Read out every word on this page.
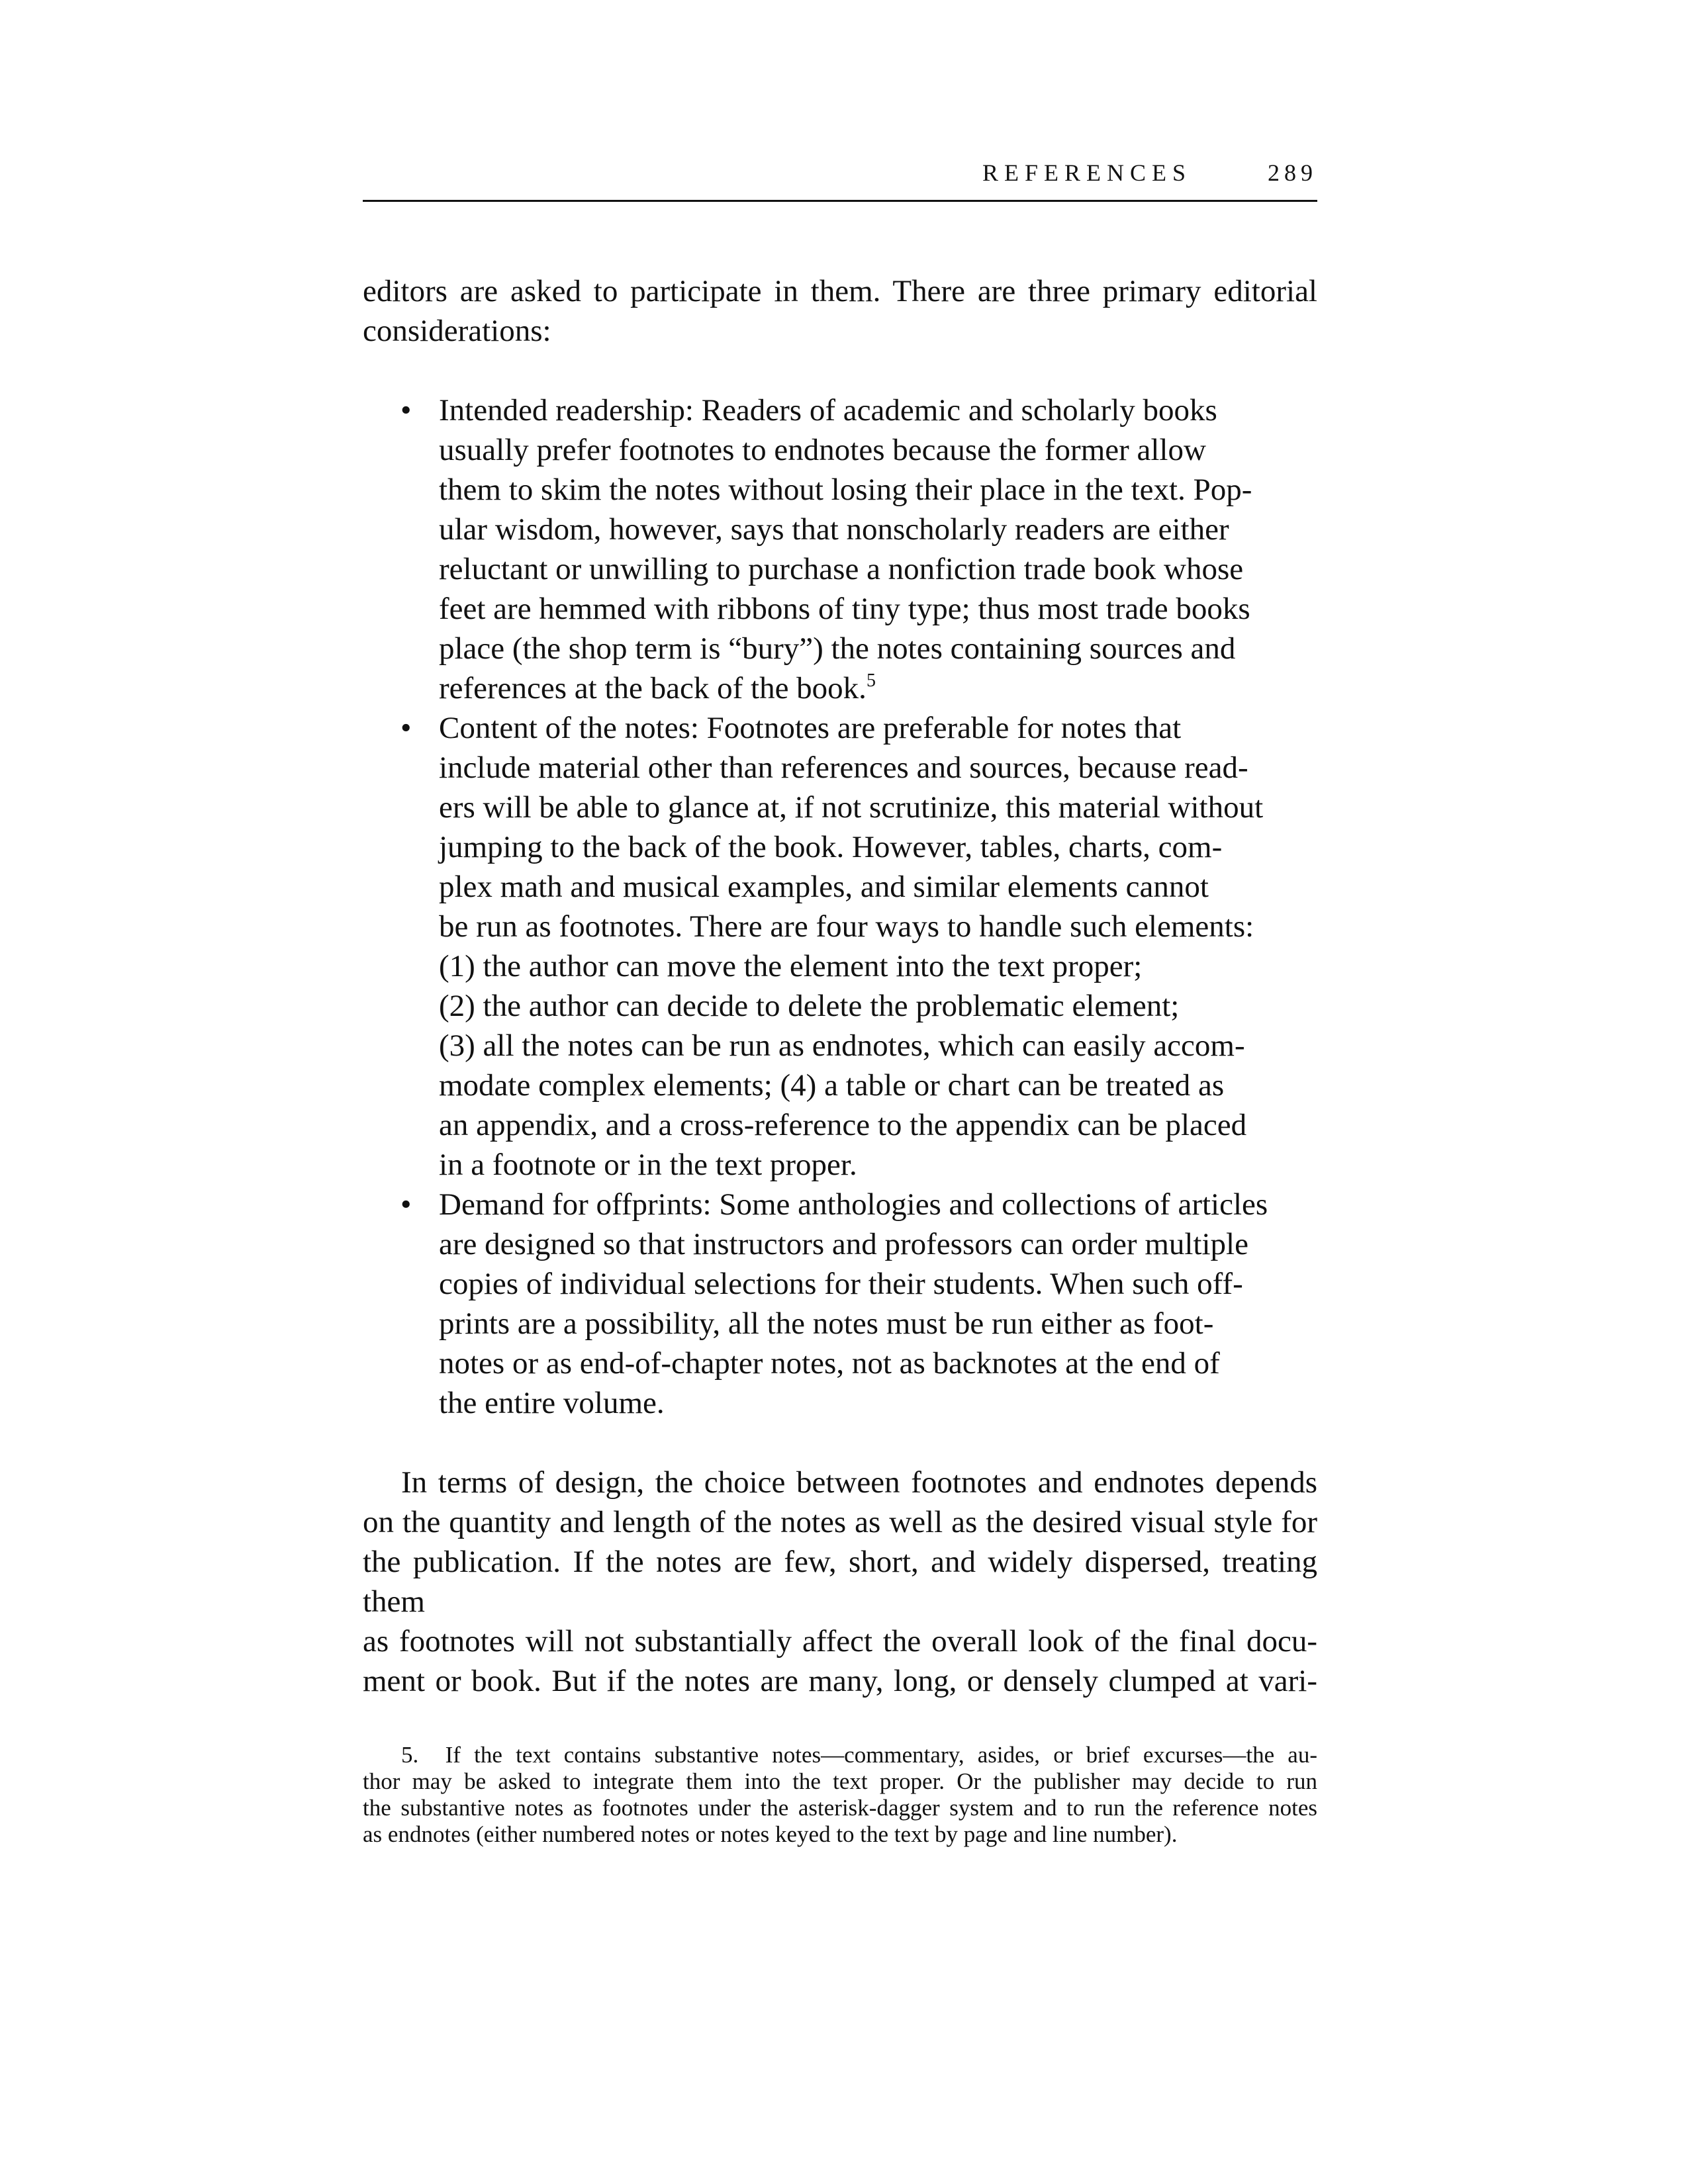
REFERENCES	289

editors are asked to participate in them. There are three primary editorial
considerations:

• Intended readership: Readers of academic and scholarly books
usually prefer footnotes to endnotes because the former allow
them to skim the notes without losing their place in the text. Pop-
ular wisdom, however, says that nonscholarly readers are either
reluctant or unwilling to purchase a nonfiction trade book whose
feet are hemmed with ribbons of tiny type; thus most trade books
place (the shop term is “bury”) the notes containing sources and
references at the back of the book.$^5$
• Content of the notes: Footnotes are preferable for notes that
include material other than references and sources, because read-
ers will be able to glance at, if not scrutinize, this material without
jumping to the back of the book. However, tables, charts, com-
plex math and musical examples, and similar elements cannot
be run as footnotes. There are four ways to handle such elements:
(1) the author can move the element into the text proper;
(2) the author can decide to delete the problematic element;
(3) all the notes can be run as endnotes, which can easily accom-
modate complex elements; (4) a table or chart can be treated as
an appendix, and a cross-reference to the appendix can be placed
in a footnote or in the text proper.
• Demand for offprints: Some anthologies and collections of articles
are designed so that instructors and professors can order multiple
copies of individual selections for their students. When such off-
prints are a possibility, all the notes must be run either as foot-
notes or as end-of-chapter notes, not as backnotes at the end of
the entire volume.

In terms of design, the choice between footnotes and endnotes depends

on the quantity and length of the notes as well as the desired visual style for
the publication. If the notes are few, short, and widely dispersed, treating them
as footnotes will not substantially affect the overall look of the final docu-
ment or book. But if the notes are many, long, or densely clumped at vari-

5. If the text contains substantive notes—commentary, asides, or brief excurses—the au-
thor may be asked to integrate them into the text proper. Or the publisher may decide to run
the substantive notes as footnotes under the asterisk-dagger system and to run the reference notes
as endnotes (either numbered notes or notes keyed to the text by page and line number).
